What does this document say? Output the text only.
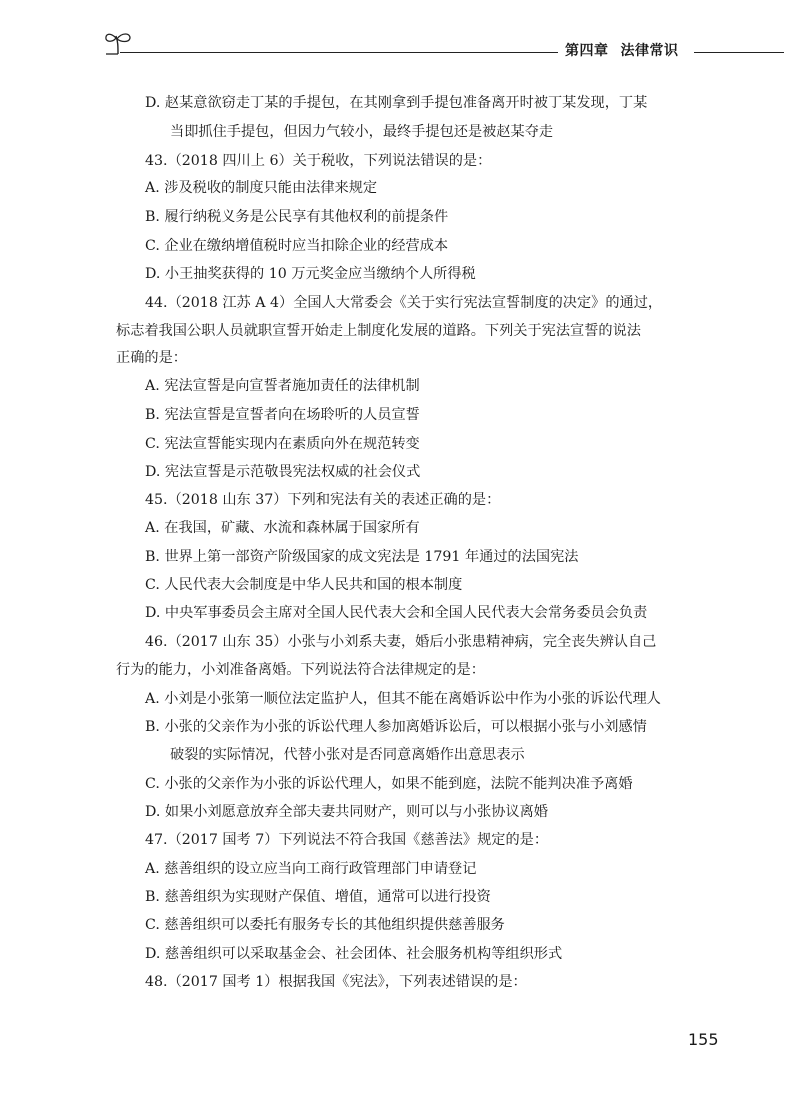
第四章 法律常识
D. 赵某意欲窃走丁某的手提包，在其刚拿到手提包准备离开时被丁某发现，丁某
当即抓住手提包，但因力气较小，最终手提包还是被赵某夺走
43.（2018 四川上 6）关于税收，下列说法错误的是：
A. 涉及税收的制度只能由法律来规定
B. 履行纳税义务是公民享有其他权利的前提条件
C. 企业在缴纳增值税时应当扣除企业的经营成本
D. 小王抽奖获得的 10 万元奖金应当缴纳个人所得税
44.（2018 江苏 A 4）全国人大常委会《关于实行宪法宣誓制度的决定》的通过，
标志着我国公职人员就职宣誓开始走上制度化发展的道路。下列关于宪法宣誓的说法
正确的是：
A. 宪法宣誓是向宣誓者施加责任的法律机制
B. 宪法宣誓是宣誓者向在场聆听的人员宣誓
C. 宪法宣誓能实现内在素质向外在规范转变
D. 宪法宣誓是示范敬畏宪法权威的社会仪式
45.（2018 山东 37）下列和宪法有关的表述正确的是：
A. 在我国，矿藏、水流和森林属于国家所有
B. 世界上第一部资产阶级国家的成文宪法是 1791 年通过的法国宪法
C. 人民代表大会制度是中华人民共和国的根本制度
D. 中央军事委员会主席对全国人民代表大会和全国人民代表大会常务委员会负责
46.（2017 山东 35）小张与小刘系夫妻，婚后小张患精神病，完全丧失辨认自己
行为的能力，小刘准备离婚。下列说法符合法律规定的是：
A. 小刘是小张第一顺位法定监护人，但其不能在离婚诉讼中作为小张的诉讼代理人
B. 小张的父亲作为小张的诉讼代理人参加离婚诉讼后，可以根据小张与小刘感情
破裂的实际情况，代替小张对是否同意离婚作出意思表示
C. 小张的父亲作为小张的诉讼代理人，如果不能到庭，法院不能判决准予离婚
D. 如果小刘愿意放弃全部夫妻共同财产，则可以与小张协议离婚
47.（2017 国考 7）下列说法不符合我国《慈善法》规定的是：
A. 慈善组织的设立应当向工商行政管理部门申请登记
B. 慈善组织为实现财产保值、增值，通常可以进行投资
C. 慈善组织可以委托有服务专长的其他组织提供慈善服务
D. 慈善组织可以采取基金会、社会团体、社会服务机构等组织形式
48.（2017 国考 1）根据我国《宪法》，下列表述错误的是：
155
